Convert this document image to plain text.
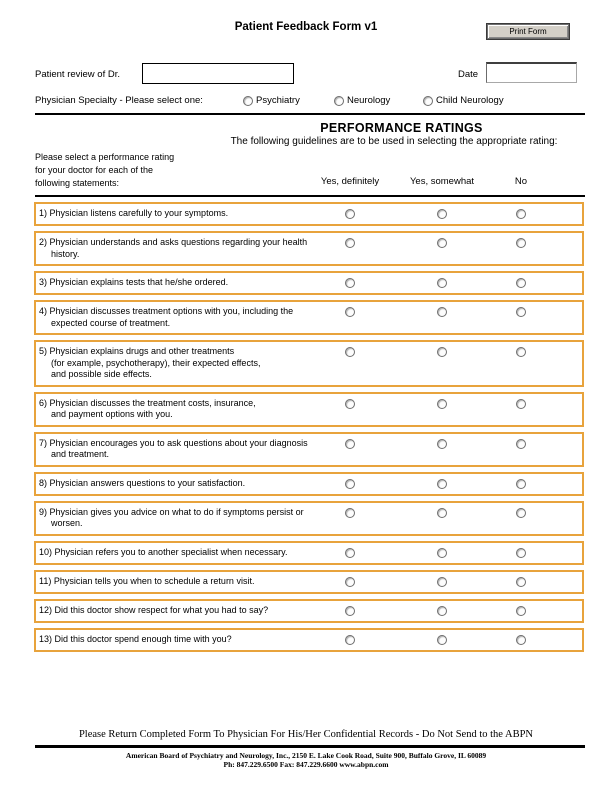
Patient Feedback Form v1	Print Form
Patient review of Dr.	Date
Physician Specialty - Please select one:	Psychiatry	Neurology	Child Neurology
PERFORMANCE RATINGS
The following guidelines are to be used in selecting the appropriate rating:
Please select a performance rating
for your doctor for each of the
following statements:	Yes, definitely	Yes, somewhat	No
1) Physician listens carefully to your symptoms.
2) Physician understands and asks questions regarding your health
history.
3) Physician explains tests that he/she ordered.
4) Physician discusses treatment options with you, including the
expected course of treatment.
5) Physician explains drugs and other treatments
(for example, psychotherapy), their expected effects,
and possible side effects.
6) Physician discusses the treatment costs, insurance,
and payment options with you.
7) Physician encourages you to ask questions about your diagnosis
and treatment.
8) Physician answers questions to your satisfaction.
9) Physician gives you advice on what to do if symptoms persist or
worsen.
10) Physician refers you to another specialist when necessary.
11) Physician tells you when to schedule a return visit.
12) Did this doctor show respect for what you had to say?
13) Did this doctor spend enough time with you?
Please Return Completed Form To Physician For His/Her Confidential Records - Do Not Send to the ABPN
American Board of Psychiatry and Neurology, Inc., 2150 E. Lake Cook Road, Suite 900, Buffalo Grove, IL 60089
Ph: 847.229.6500 Fax: 847.229.6600 www.abpn.com
